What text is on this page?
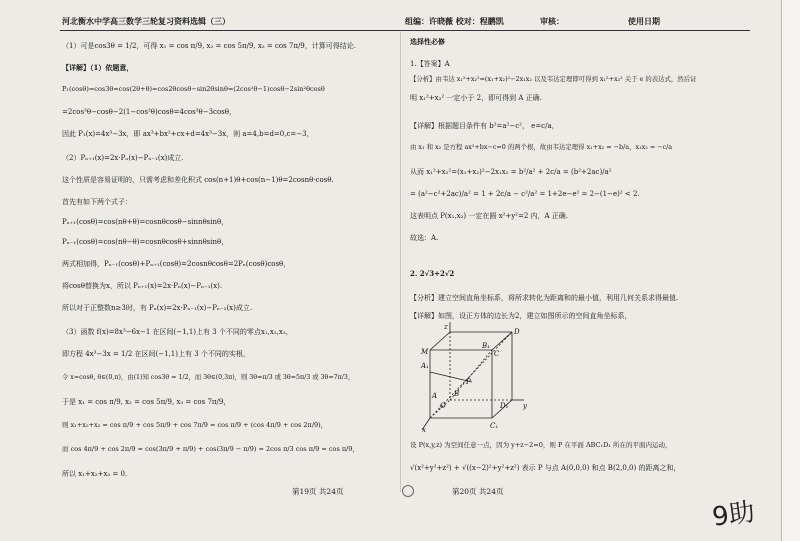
河北衡水中学高三数学三轮复习资料选辑（三）	组编：许晓薇 校对：程鹏凯	审核：	使用日期

（1）可是cos3θ = 1/2，可得 x₁ = cos π/9, x₂ = cos 5π/9, x₃ = cos 7π/9，计算可得结论.

【详解】（1）依题意，

P₁(cosθ)=cos3θ=cos(2θ+θ)=cos2θcosθ−sin2θsinθ=(2cos²θ−1)cosθ−2sin²θcosθ

=2cos³θ−cosθ−2(1−cos²θ)cosθ=4cos³θ−3cosθ，

因此 P₁(x)=4x³−3x，即 ax³+bx²+cx+d=4x³−3x，则 a=4,b=d=0,c=−3，

（2）Pₙ₊₁(x)=2x·Pₙ(x)−Pₙ₋₁(x)成立.

这个性质是容易证明的，只需考虑和差化积式 cos(n+1)θ+cos(n−1)θ=2cosnθ·cosθ.

首先有如下两个式子：

Pₙ₊₁(cosθ)=cos(nθ+θ)=cosnθcosθ−sinnθsinθ，

Pₙ₋₁(cosθ)=cos(nθ−θ)=cosnθcosθ+sinnθsinθ，

两式相加得，Pₙ₋₁(cosθ)+Pₙ₊₁(cosθ)=2cosnθcosθ=2Pₙ(cosθ)cosθ，

将cosθ替换为x，所以 Pₙ₊₁(x)=2x·Pₙ(x)−Pₙ₋₁(x).

所以对于正整数n≥3时，有 Pₙ(x)=2x·Pₙ₋₁(x)−Pₙ₋₂(x)成立.

（3）函数 f(x)=8x³−6x−1 在区间(−1,1)上有 3 个不同的零点x₁,x₂,x₃，

即方程 4x³−3x = 1/2 在区间(−1,1)上有 3 个不同的实根，

令 x=cosθ, θ∈(0,π)，由(1)知 cos3θ = 1/2，而 3θ∈(0,3π)，则 3θ=π/3 或 3θ=5π/3 或 3θ=7π/3，

于是 x₁ = cos π/9, x₂ = cos 5π/9, x₃ = cos 7π/9，

则 x₁+x₂+x₃ = cos π/9 + cos 5π/9 + cos 7π/9 = cos π/9 + (cos 4π/9 + cos 2π/9)，

而 cos 4π/9 + cos 2π/9 = cos(3π/9 + π/9) + cos(3π/9 − π/9) = 2cos π/3 cos π/9 = cos π/9，

所以 x₁+x₂+x₃ = 0.

选择性必修

1.【答案】A

【分析】由韦达 x₁²+x₂²=(x₁+x₂)²−2x₁x₂ 以及韦达定理即可得到 x₁²+x₂² 关于 e 的表达式，然后证

明 x₁²+x₂² 一定小于 2，即可得到 A 正确.

【详解】根据题目条件有 b²=a²−c²， e=c/a，

由 x₁ 和 x₂ 是方程 ax²+bx−c=0 的两个根，故由韦达定理得 x₁+x₂ = −b/a，x₁x₂ = −c/a

从而 x₁²+x₂²=(x₁+x₂)²−2x₁x₂ = b²/a² + 2c/a = (b²+2ac)/a²

= (a²−c²+2ac)/a² = 1 + 2c/a − c²/a² = 1+2e−e² = 2−(1−e)² < 2.

这表明点 P(x₁,x₂) 一定在圆 x²+y²=2 内，A 正确.

故选：A.

2. 2√3+2√2

【分析】建立空间直角坐标系，将所求转化为距离和的最小值，利用几何关系求得最值.

【详解】如图，设正方体的边长为2，建立如图所示的空间直角坐标系，

设 P(x,y,z) 为空间任意一点，因为 y+z−2=0，则 P 在平面 ABC₁D₁ 所在的平面内运动，

√(x²+y²+z²) + √((x−2)²+y²+z²) 表示 P 与点 A(0,0,0) 和点 B(2,0,0) 的距离之和，

z
M
A₁
D
C
B₁
P
B
A
O	D₁ y
x	C₁
第19页 共24页	第20页 共24页
9助
